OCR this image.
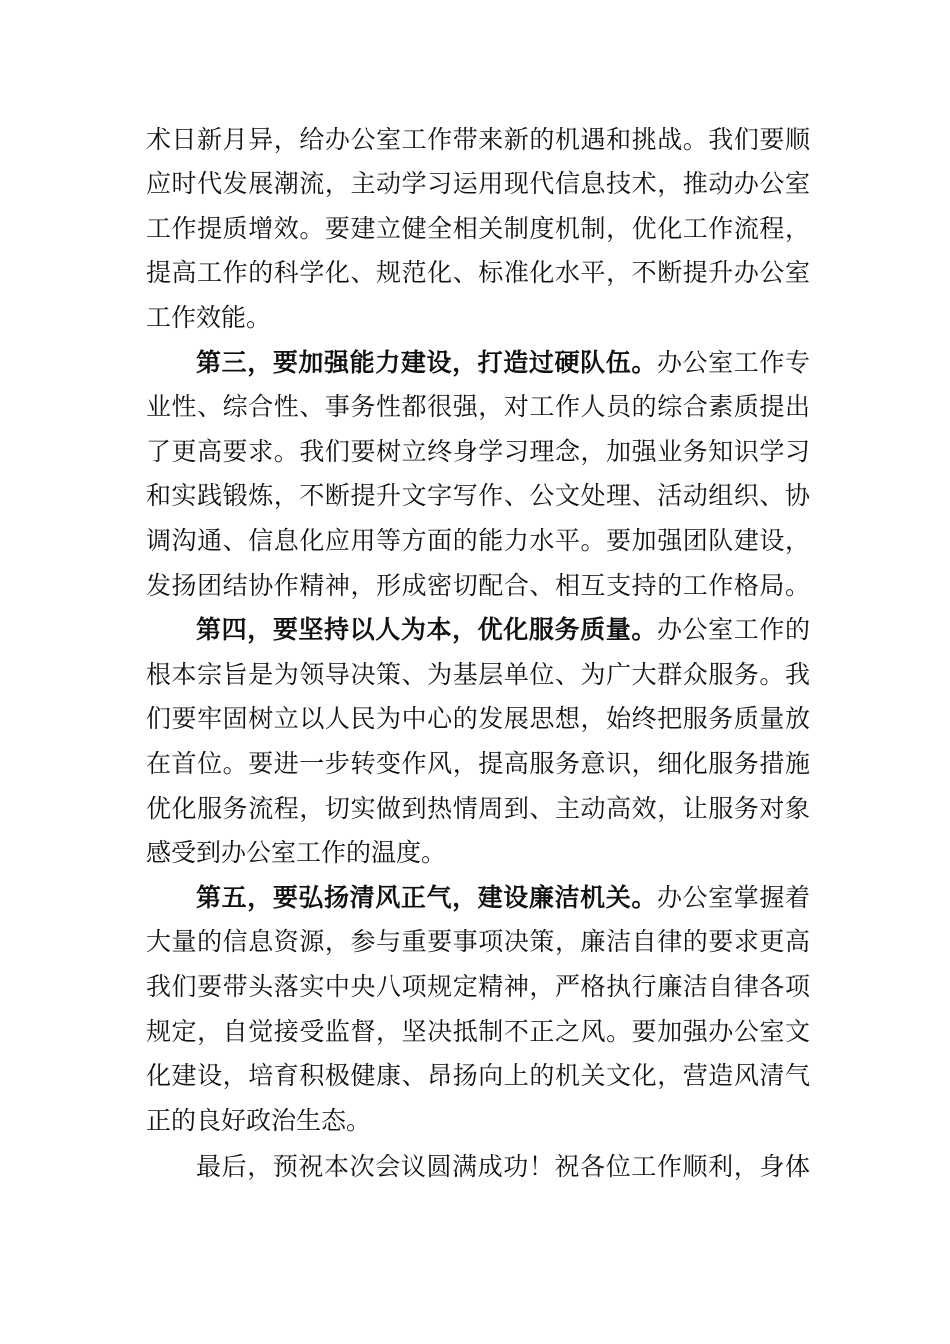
术日新月异，给办公室工作带来新的机遇和挑战。我们要顺
应时代发展潮流，主动学习运用现代信息技术，推动办公室
工作提质增效。要建立健全相关制度机制，优化工作流程，
提高工作的科学化、规范化、标准化水平，不断提升办公室
工作效能。
第三，要加强能力建设，打造过硬队伍。办公室工作专
业性、综合性、事务性都很强，对工作人员的综合素质提出
了更高要求。我们要树立终身学习理念，加强业务知识学习
和实践锻炼，不断提升文字写作、公文处理、活动组织、协
调沟通、信息化应用等方面的能力水平。要加强团队建设，
发扬团结协作精神，形成密切配合、相互支持的工作格局。
第四，要坚持以人为本，优化服务质量。办公室工作的
根本宗旨是为领导决策、为基层单位、为广大群众服务。我
们要牢固树立以人民为中心的发展思想，始终把服务质量放
在首位。要进一步转变作风，提高服务意识，细化服务措施
优化服务流程，切实做到热情周到、主动高效，让服务对象
感受到办公室工作的温度。
第五，要弘扬清风正气，建设廉洁机关。办公室掌握着
大量的信息资源，参与重要事项决策，廉洁自律的要求更高
我们要带头落实中央八项规定精神，严格执行廉洁自律各项
规定，自觉接受监督，坚决抵制不正之风。要加强办公室文
化建设，培育积极健康、昂扬向上的机关文化，营造风清气
正的良好政治生态。
最后，预祝本次会议圆满成功！祝各位工作顺利，身体
